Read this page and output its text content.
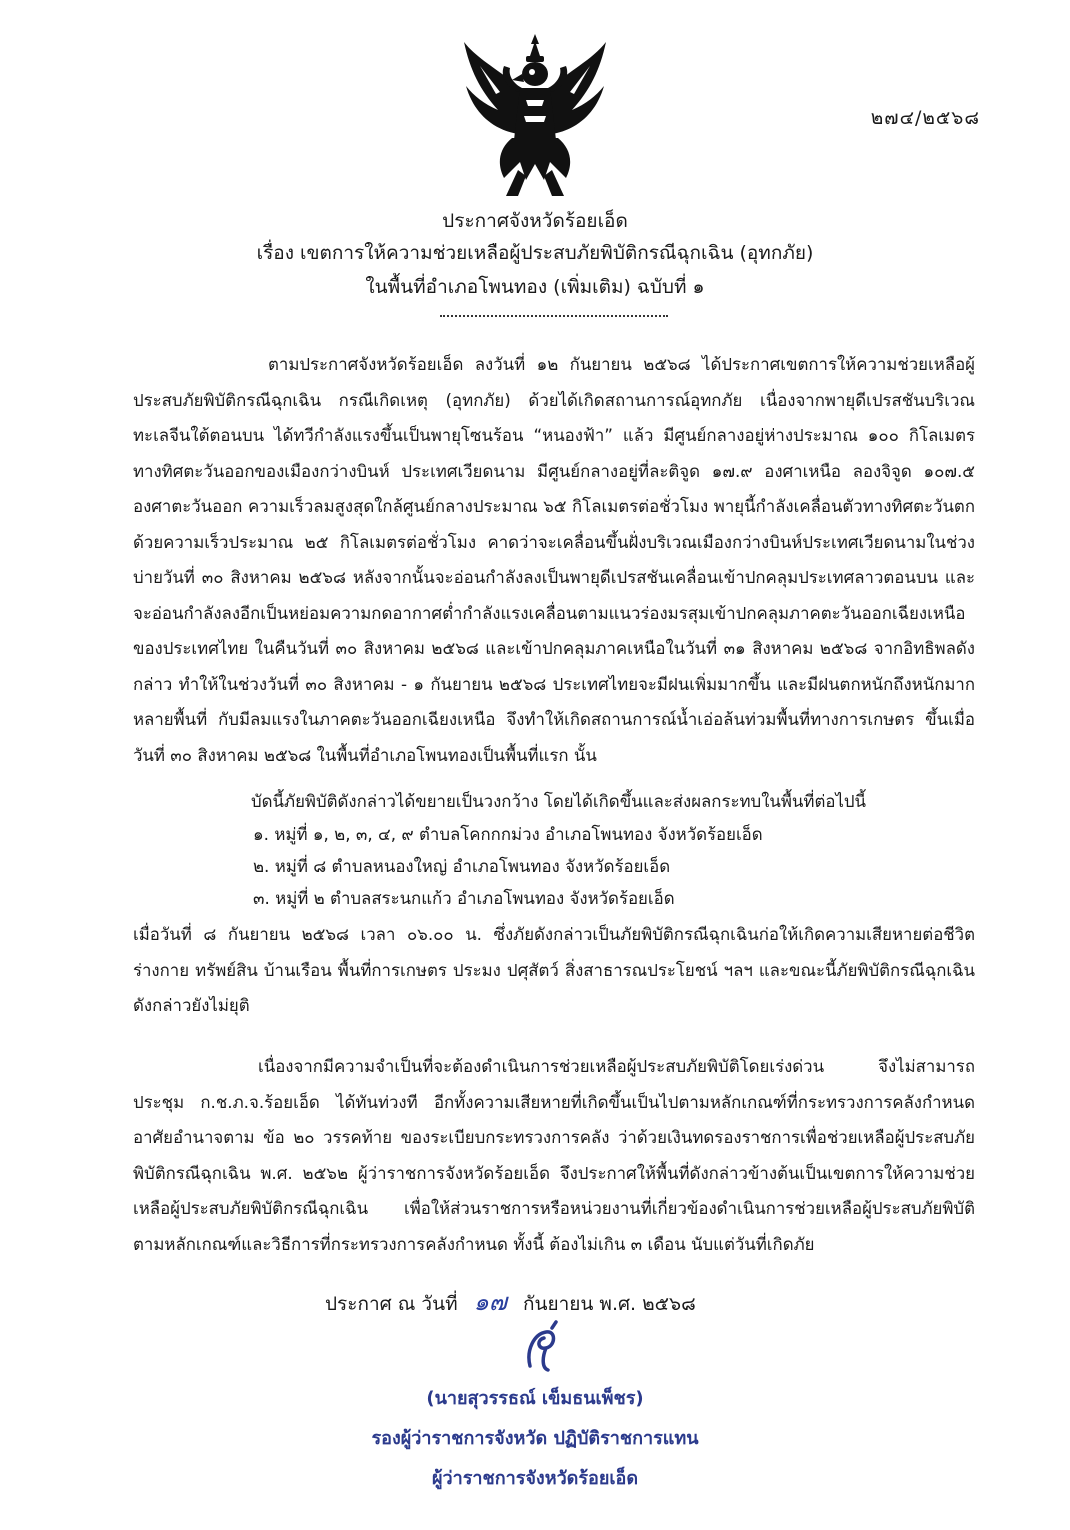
๒๗๔/๒๕๖๘
ประกาศจังหวัดร้อยเอ็ด
เรื่อง เขตการให้ความช่วยเหลือผู้ประสบภัยพิบัติกรณีฉุกเฉิน (อุทกภัย)
ในพื้นที่อำเภอโพนทอง (เพิ่มเติม) ฉบับที่ ๑
ตามประกาศจังหวัดร้อยเอ็ด ลงวันที่ ๑๒ กันยายน ๒๕๖๘ ได้ประกาศเขตการให้ความช่วยเหลือผู้ประสบภัยพิบัติกรณีฉุกเฉิน กรณีเกิดเหตุ (อุทกภัย) ด้วยได้เกิดสถานการณ์อุทกภัย เนื่องจากพายุดีเปรสชันบริเวณทะเลจีนใต้ตอนบน ได้ทวีกำลังแรงขึ้นเป็นพายุโซนร้อน “หนองฟ้า” แล้ว มีศูนย์กลางอยู่ห่างประมาณ ๑๐๐ กิโลเมตรทางทิศตะวันออกของเมืองกว่างบินห์ ประเทศเวียดนาม มีศูนย์กลางอยู่ที่ละติจูด ๑๗.๙ องศาเหนือ ลองจิจูด ๑๐๗.๕ องศาตะวันออก ความเร็วลมสูงสุดใกล้ศูนย์กลางประมาณ ๖๕ กิโลเมตรต่อชั่วโมง พายุนี้กำลังเคลื่อนตัวทางทิศตะวันตก ด้วยความเร็วประมาณ ๒๕ กิโลเมตรต่อชั่วโมง คาดว่าจะเคลื่อนขึ้นฝั่งบริเวณเมืองกว่างบินห์ประเทศเวียดนามในช่วงบ่ายวันที่ ๓๐ สิงหาคม ๒๕๖๘ หลังจากนั้นจะอ่อนกำลังลงเป็นพายุดีเปรสชันเคลื่อนเข้าปกคลุมประเทศลาวตอนบน และจะอ่อนกำลังลงอีกเป็นหย่อมความกดอากาศต่ำกำลังแรงเคลื่อนตามแนวร่องมรสุมเข้าปกคลุมภาคตะวันออกเฉียงเหนือของประเทศไทย ในคืนวันที่ ๓๐ สิงหาคม ๒๕๖๘ และเข้าปกคลุมภาคเหนือในวันที่ ๓๑ สิงหาคม ๒๕๖๘ จากอิทธิพลดังกล่าว ทำให้ในช่วงวันที่ ๓๐ สิงหาคม - ๑ กันยายน ๒๕๖๘ ประเทศไทยจะมีฝนเพิ่มมากขึ้น และมีฝนตกหนักถึงหนักมากหลายพื้นที่ กับมีลมแรงในภาคตะวันออกเฉียงเหนือ จึงทำให้เกิดสถานการณ์น้ำเอ่อล้นท่วมพื้นที่ทางการเกษตร ขึ้นเมื่อวันที่ ๓๐ สิงหาคม ๒๕๖๘ ในพื้นที่อำเภอโพนทองเป็นพื้นที่แรก นั้น
บัดนี้ภัยพิบัติดังกล่าวได้ขยายเป็นวงกว้าง โดยได้เกิดขึ้นและส่งผลกระทบในพื้นที่ต่อไปนี้
๑. หมู่ที่ ๑, ๒, ๓, ๔, ๙ ตำบลโคกกกม่วง อำเภอโพนทอง จังหวัดร้อยเอ็ด
๒. หมู่ที่ ๘ ตำบลหนองใหญ่ อำเภอโพนทอง จังหวัดร้อยเอ็ด
๓. หมู่ที่ ๒ ตำบลสระนกแก้ว อำเภอโพนทอง จังหวัดร้อยเอ็ด
เมื่อวันที่ ๘ กันยายน ๒๕๖๘ เวลา ๐๖.๐๐ น. ซึ่งภัยดังกล่าวเป็นภัยพิบัติกรณีฉุกเฉินก่อให้เกิดความเสียหายต่อชีวิตร่างกาย ทรัพย์สิน บ้านเรือน พื้นที่การเกษตร ประมง ปศุสัตว์ สิ่งสาธารณประโยชน์ ฯลฯ และขณะนี้ภัยพิบัติกรณีฉุกเฉินดังกล่าวยังไม่ยุติ
เนื่องจากมีความจำเป็นที่จะต้องดำเนินการช่วยเหลือผู้ประสบภัยพิบัติโดยเร่งด่วน จึงไม่สามารถประชุม ก.ช.ภ.จ.ร้อยเอ็ด ได้ทันท่วงที อีกทั้งความเสียหายที่เกิดขึ้นเป็นไปตามหลักเกณฑ์ที่กระทรวงการคลังกำหนด อาศัยอำนาจตาม ข้อ ๒๐ วรรคท้าย ของระเบียบกระทรวงการคลัง ว่าด้วยเงินทดรองราชการเพื่อช่วยเหลือผู้ประสบภัยพิบัติกรณีฉุกเฉิน พ.ศ. ๒๕๖๒ ผู้ว่าราชการจังหวัดร้อยเอ็ด จึงประกาศให้พื้นที่ดังกล่าวข้างต้นเป็นเขตการให้ความช่วยเหลือผู้ประสบภัยพิบัติกรณีฉุกเฉิน เพื่อให้ส่วนราชการหรือหน่วยงานที่เกี่ยวข้องดำเนินการช่วยเหลือผู้ประสบภัยพิบัติตามหลักเกณฑ์และวิธีการที่กระทรวงการคลังกำหนด ทั้งนี้ ต้องไม่เกิน ๓ เดือน นับแต่วันที่เกิดภัย
ประกาศ ณ วันที่ ๑๗ กันยายน พ.ศ. ๒๕๖๘
(นายสุวรรธณ์ เข็มธนเพ็ชร)
รองผู้ว่าราชการจังหวัด ปฏิบัติราชการแทน
ผู้ว่าราชการจังหวัดร้อยเอ็ด
